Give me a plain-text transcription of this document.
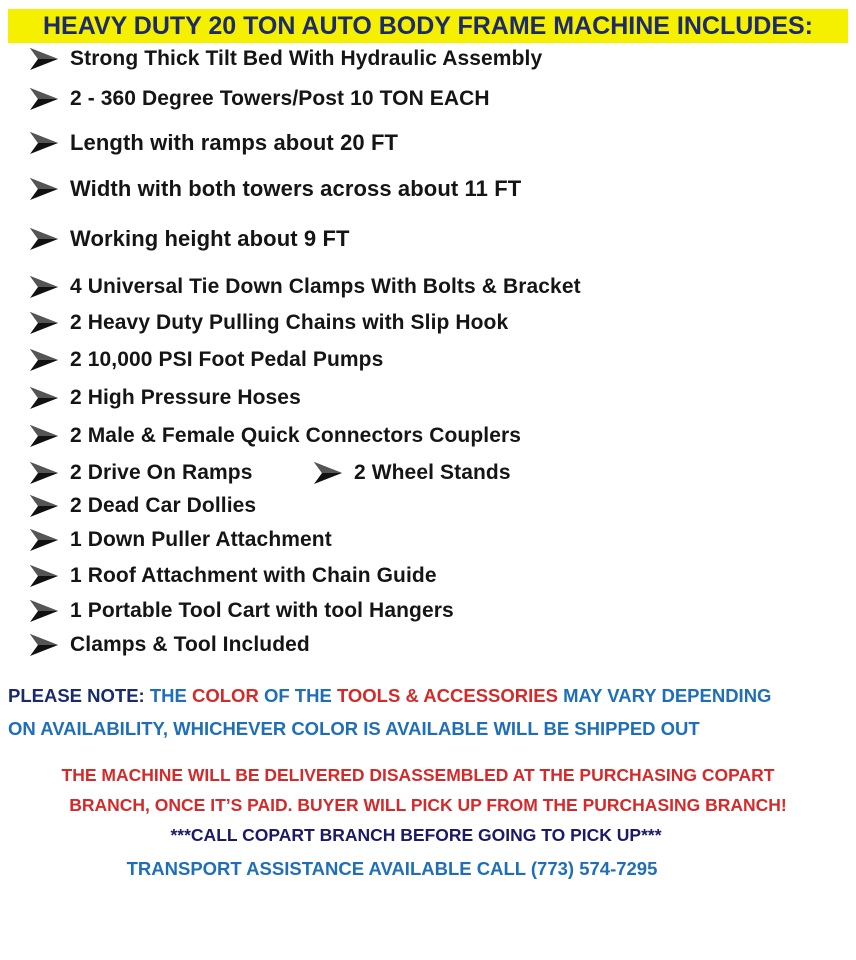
HEAVY DUTY 20 TON AUTO BODY FRAME MACHINE INCLUDES:
Strong Thick Tilt Bed With Hydraulic Assembly
2 - 360 Degree Towers/Post 10 TON EACH
Length with ramps about 20 FT
Width with both towers across about 11 FT
Working height about 9 FT
4 Universal Tie Down Clamps With Bolts & Bracket
2 Heavy Duty Pulling Chains with Slip Hook
2 10,000 PSI Foot Pedal Pumps
2 High Pressure Hoses
2 Male & Female Quick Connectors Couplers
2 Drive On Ramps
2 Dead Car Dollies
1 Down Puller Attachment
1 Roof Attachment with Chain Guide
1 Portable Tool Cart with tool Hangers
Clamps & Tool Included
2 Wheel Stands
PLEASE NOTE: THE COLOR OF THE TOOLS & ACCESSORIES MAY VARY DEPENDING
ON AVAILABILITY, WHICHEVER COLOR IS AVAILABLE WILL BE SHIPPED OUT
THE MACHINE WILL BE DELIVERED DISASSEMBLED AT THE PURCHASING COPART
BRANCH, ONCE IT’S PAID. BUYER WILL PICK UP FROM THE PURCHASING BRANCH!
***CALL COPART BRANCH BEFORE GOING TO PICK UP***
TRANSPORT ASSISTANCE AVAILABLE CALL (773) 574-7295
